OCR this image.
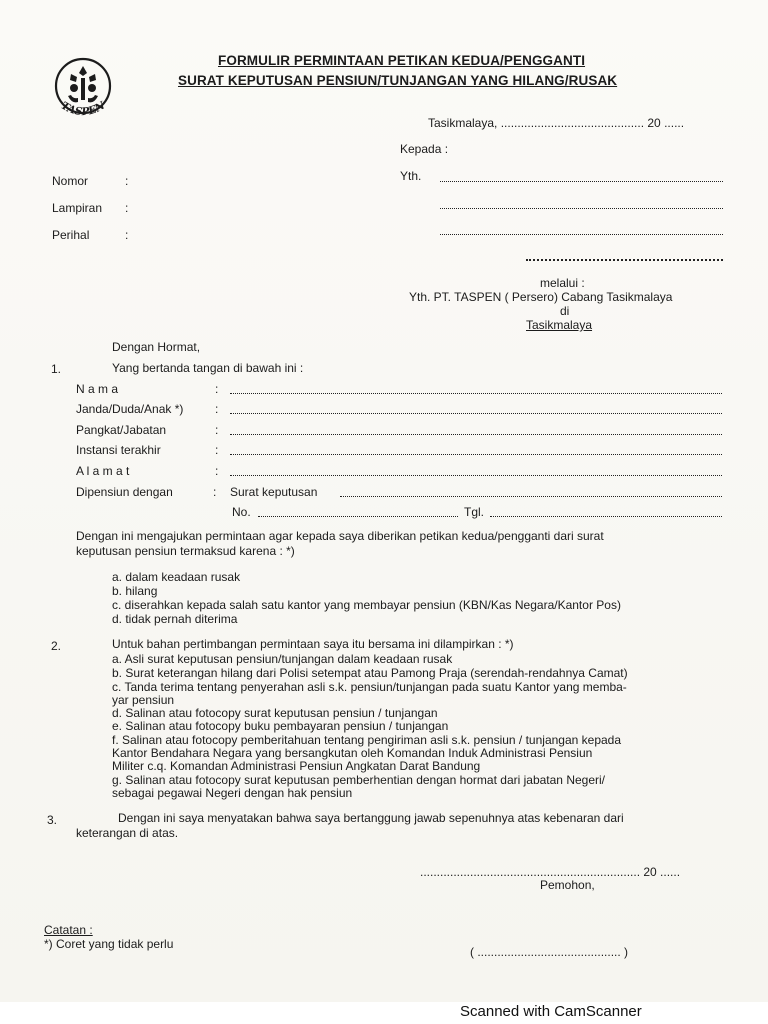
TASPEN
FORMULIR PERMINTAAN PETIKAN KEDUA/PENGGANTI
SURAT KEPUTUSAN PENSIUN/TUNJANGAN YANG HILANG/RUSAK
Tasikmalaya, ........................................... 20 ......
Kepada :
Yth.
Nomor	:
Lampiran :
Perihal	:
melalui :
Yth. PT. TASPEN ( Persero) Cabang Tasikmalaya
di
Tasikmalaya
Dengan Hormat,
1.	Yang bertanda tangan di bawah ini :
N a m a	:
Janda/Duda/Anak *)	:
Pangkat/Jabatan	:
Instansi terakhir	:
A l a m a t	:
Dipensiun dengan	: Surat keputusan
No.	Tgl.
Dengan ini mengajukan permintaan agar kepada saya diberikan petikan kedua/pengganti dari surat
keputusan pensiun termaksud karena : *)
a. dalam keadaan rusak
b. hilang
c. diserahkan kepada salah satu kantor yang membayar pensiun (KBN/Kas Negara/Kantor Pos)
d. tidak pernah diterima
2.	Untuk bahan pertimbangan permintaan saya itu bersama ini dilampirkan : *)
a. Asli surat keputusan pensiun/tunjangan dalam keadaan rusak
b. Surat keterangan hilang dari Polisi setempat atau Pamong Praja (serendah-rendahnya Camat)
c. Tanda terima tentang penyerahan asli s.k. pensiun/tunjangan pada suatu Kantor yang memba-
yar pensiun
d. Salinan atau fotocopy surat keputusan pensiun / tunjangan
e. Salinan atau fotocopy buku pembayaran pensiun / tunjangan
f. Salinan atau fotocopy pemberitahuan tentang pengiriman asli s.k. pensiun / tunjangan kepada
Kantor Bendahara Negara yang bersangkutan oleh Komandan Induk Administrasi Pensiun
Militer c.q. Komandan Administrasi Pensiun Angkatan Darat Bandung
g. Salinan atau fotocopy surat keputusan pemberhentian dengan hormat dari jabatan Negeri/
sebagai pegawai Negeri dengan hak pensiun
3.	Dengan ini saya menyatakan bahwa saya bertanggung jawab sepenuhnya atas kebenaran dari
keterangan di atas.
.................................................................. 20 ......
Pemohon,
( ........................................... )
Catatan :
*) Coret yang tidak perlu
Scanned with CamScanner
